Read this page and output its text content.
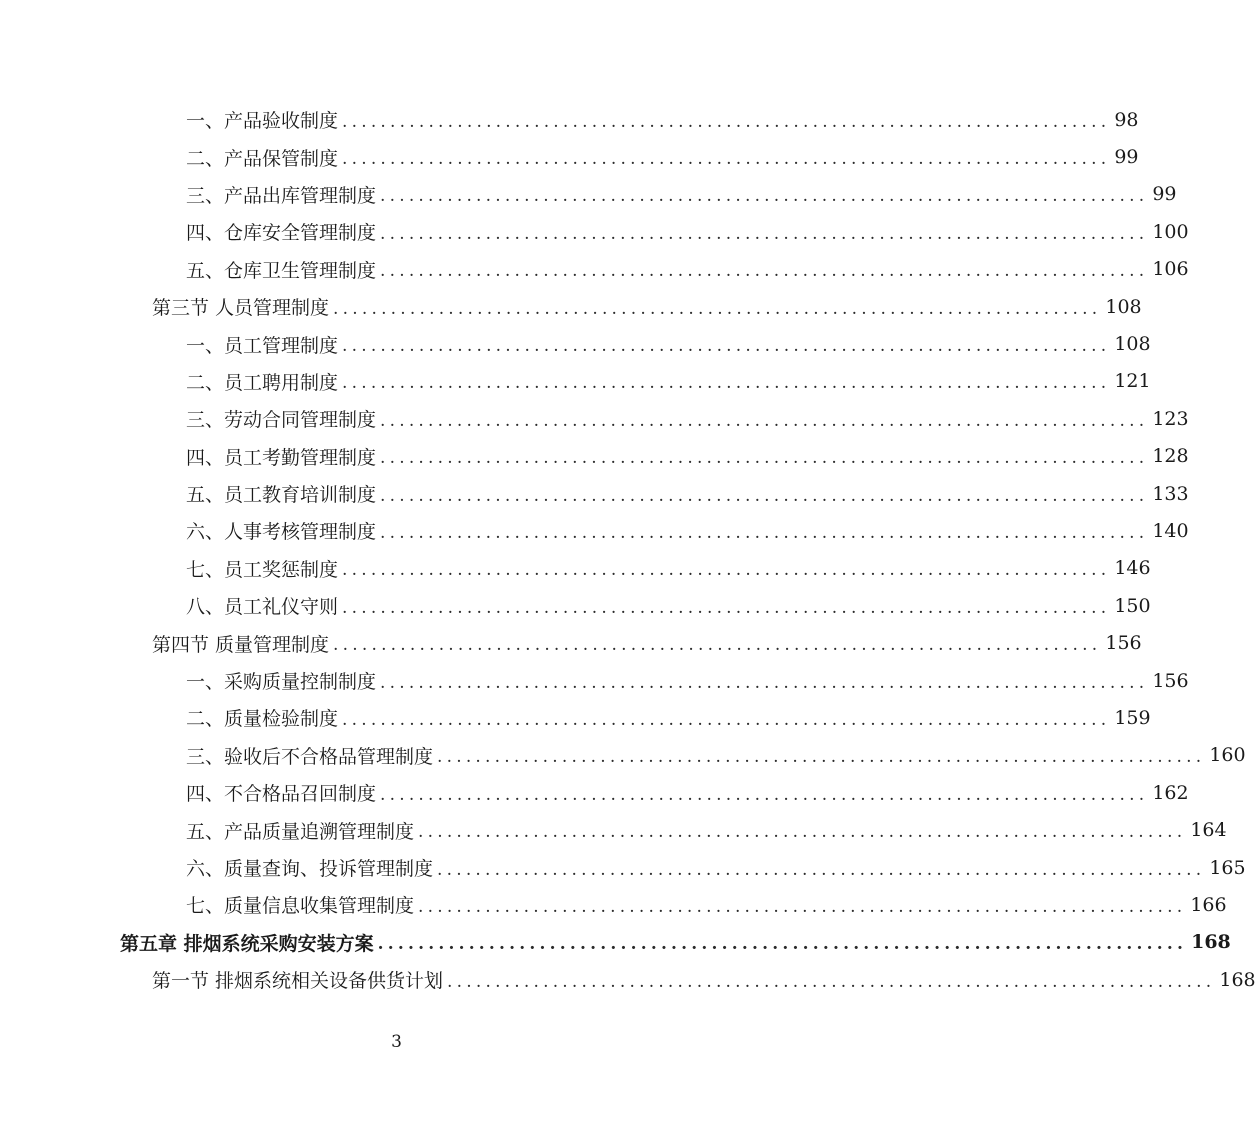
一、产品验收制度 ................................................................................ 98
二、产品保管制度 ................................................................................ 99
三、产品出库管理制度 ................................................................................ 99
四、仓库安全管理制度 ................................................................................ 100
五、仓库卫生管理制度 ................................................................................ 106
第三节 人员管理制度 ................................................................................ 108
一、员工管理制度 ................................................................................ 108
二、员工聘用制度 ................................................................................ 121
三、劳动合同管理制度 ................................................................................ 123
四、员工考勤管理制度 ................................................................................ 128
五、员工教育培训制度 ................................................................................ 133
六、人事考核管理制度 ................................................................................ 140
七、员工奖惩制度 ................................................................................ 146
八、员工礼仪守则 ................................................................................ 150
第四节 质量管理制度 ................................................................................ 156
一、采购质量控制制度 ................................................................................ 156
二、质量检验制度 ................................................................................ 159
三、验收后不合格品管理制度 ................................................................................ 160
四、不合格品召回制度 ................................................................................ 162
五、产品质量追溯管理制度 ................................................................................ 164
六、质量查询、投诉管理制度 ................................................................................ 165
七、质量信息收集管理制度 ................................................................................ 166
第五章 排烟系统采购安装方案 ................................................................................ 168
第一节 排烟系统相关设备供货计划 ................................................................................ 168
3
